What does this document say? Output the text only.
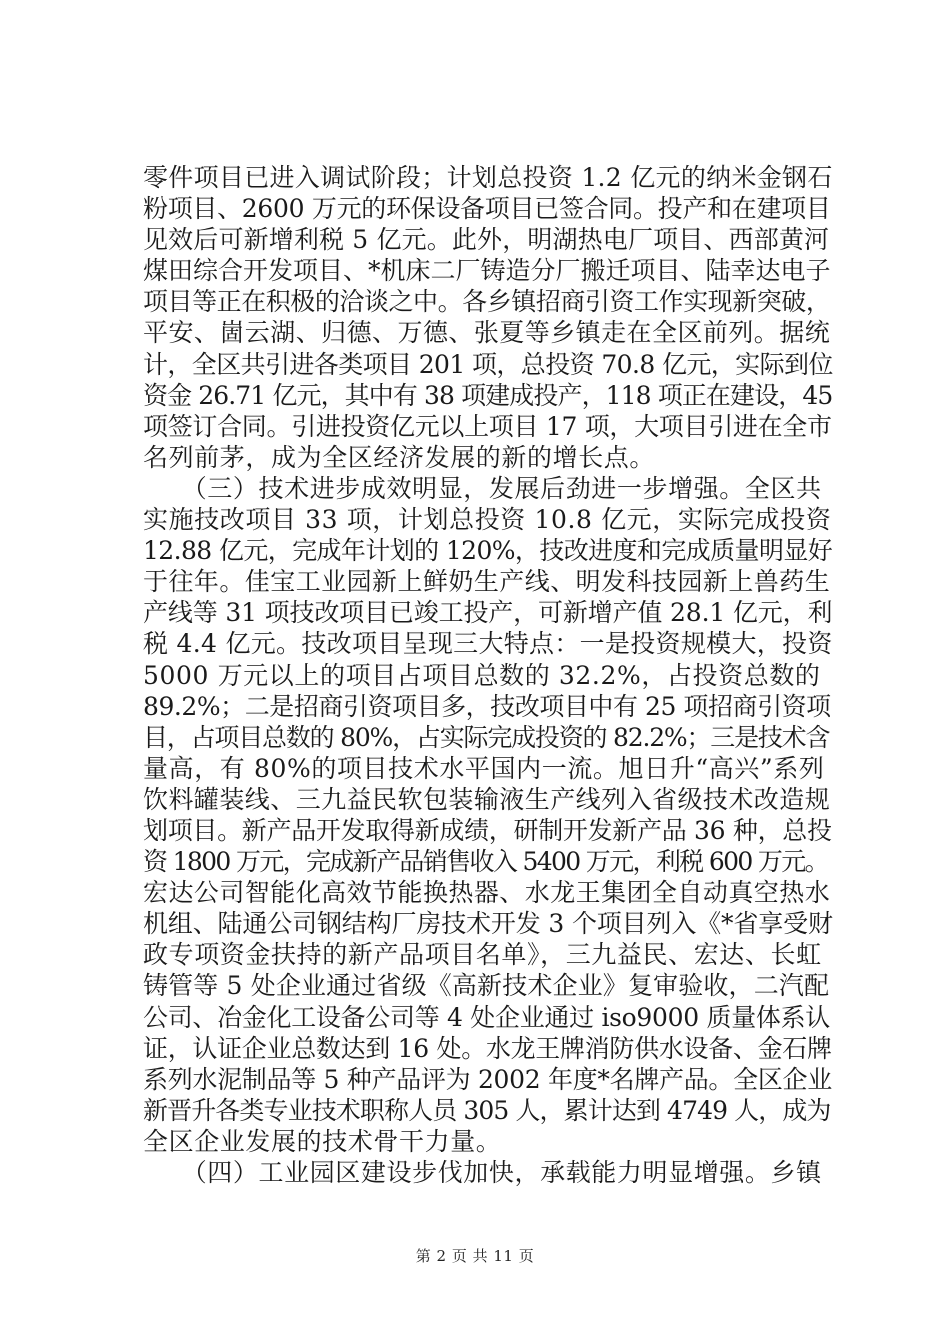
零件项目已进入调试阶段；计划总投资 1.2 亿元的纳米金钢石
粉项目、2600 万元的环保设备项目已签合同。投产和在建项目
见效后可新增利税 5 亿元。此外，明湖热电厂项目、西部黄河
煤田综合开发项目、*机床二厂铸造分厂搬迁项目、陆幸达电子
项目等正在积极的洽谈之中。各乡镇招商引资工作实现新突破，
平安、崮云湖、归德、万德、张夏等乡镇走在全区前列。据统
计，全区共引进各类项目 201 项，总投资 70.8 亿元，实际到位
资金 26.71 亿元，其中有 38 项建成投产，118 项正在建设，45
项签订合同。引进投资亿元以上项目 17 项，大项目引进在全市
名列前茅，成为全区经济发展的新的增长点。
　　（三）技术进步成效明显，发展后劲进一步增强。全区共
实施技改项目 33 项，计划总投资 10.8 亿元，实际完成投资
12.88 亿元，完成年计划的 120%，技改进度和完成质量明显好
于往年。佳宝工业园新上鲜奶生产线、明发科技园新上兽药生
产线等 31 项技改项目已竣工投产，可新增产值 28.1 亿元，利
税 4.4 亿元。技改项目呈现三大特点：一是投资规模大，投资
5000 万元以上的项目占项目总数的 32.2%，占投资总数的
89.2%；二是招商引资项目多，技改项目中有 25 项招商引资项
目，占项目总数的 80%，占实际完成投资的 82.2%；三是技术含
量高，有 80%的项目技术水平国内一流。旭日升“高兴”系列
饮料罐装线、三九益民软包装输液生产线列入省级技术改造规
划项目。新产品开发取得新成绩，研制开发新产品 36 种，总投
资 1800 万元，完成新产品销售收入 5400 万元，利税 600 万元。
宏达公司智能化高效节能换热器、水龙王集团全自动真空热水
机组、陆通公司钢结构厂房技术开发 3 个项目列入《*省享受财
政专项资金扶持的新产品项目名单》，三九益民、宏达、长虹
铸管等 5 处企业通过省级《高新技术企业》复审验收，二汽配
公司、冶金化工设备公司等 4 处企业通过 iso9000 质量体系认
证，认证企业总数达到 16 处。水龙王牌消防供水设备、金石牌
系列水泥制品等 5 种产品评为 2002 年度*名牌产品。全区企业
新晋升各类专业技术职称人员 305 人，累计达到 4749 人，成为
全区企业发展的技术骨干力量。
　　（四）工业园区建设步伐加快，承载能力明显增强。乡镇
第 2 页 共 11 页
